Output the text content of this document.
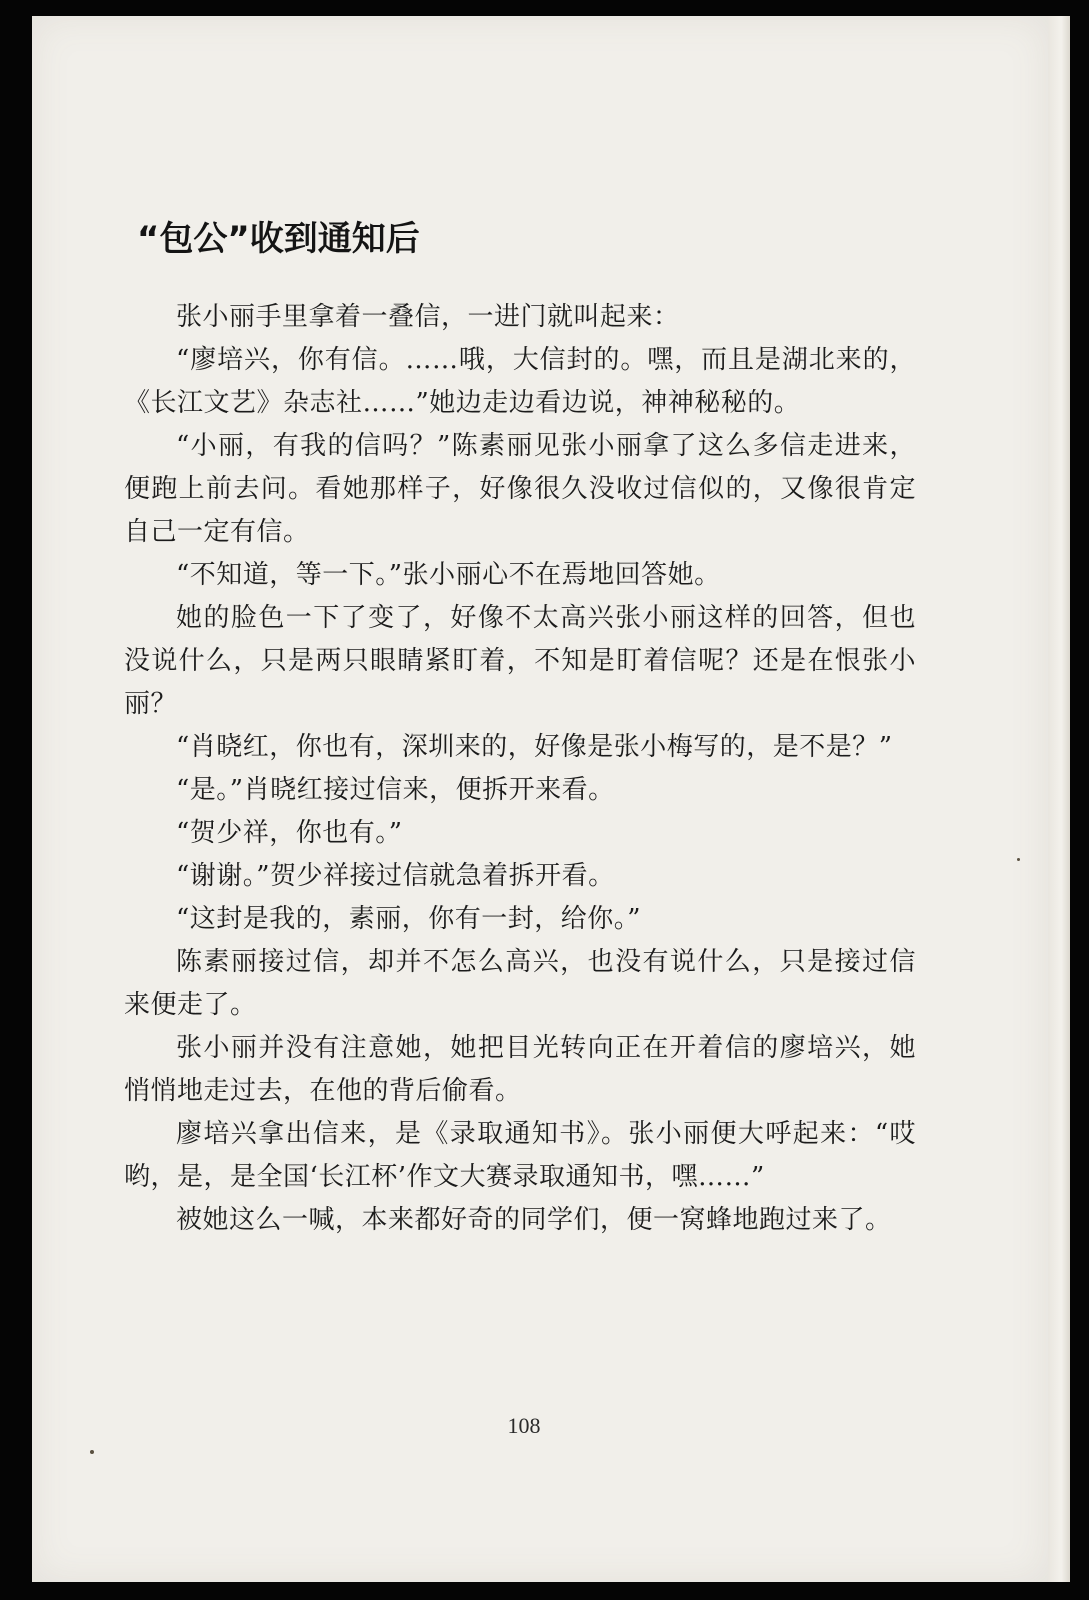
“包公”收到通知后

张小丽手里拿着一叠信，一进门就叫起来：

“廖培兴，你有信。……哦，大信封的。嘿，而且是湖北来的，《长江文艺》杂志社……”她边走边看边说，神神秘秘的。

“小丽，有我的信吗？”陈素丽见张小丽拿了这么多信走进来，便跑上前去问。看她那样子，好像很久没收过信似的，又像很肯定自己一定有信。

“不知道，等一下。”张小丽心不在焉地回答她。

她的脸色一下了变了，好像不太高兴张小丽这样的回答，但也没说什么，只是两只眼睛紧盯着，不知是盯着信呢？还是在恨张小丽？

“肖晓红，你也有，深圳来的，好像是张小梅写的，是不是？”

“是。”肖晓红接过信来，便拆开来看。

“贺少祥，你也有。”

“谢谢。”贺少祥接过信就急着拆开看。

“这封是我的，素丽，你有一封，给你。”

陈素丽接过信，却并不怎么高兴，也没有说什么，只是接过信来便走了。

张小丽并没有注意她，她把目光转向正在开着信的廖培兴，她悄悄地走过去，在他的背后偷看。

廖培兴拿出信来，是《录取通知书》。张小丽便大呼起来：“哎哟，是，是全国‘长江杯’作文大赛录取通知书，嘿……”

被她这么一喊，本来都好奇的同学们，便一窝蜂地跑过来了。

108
